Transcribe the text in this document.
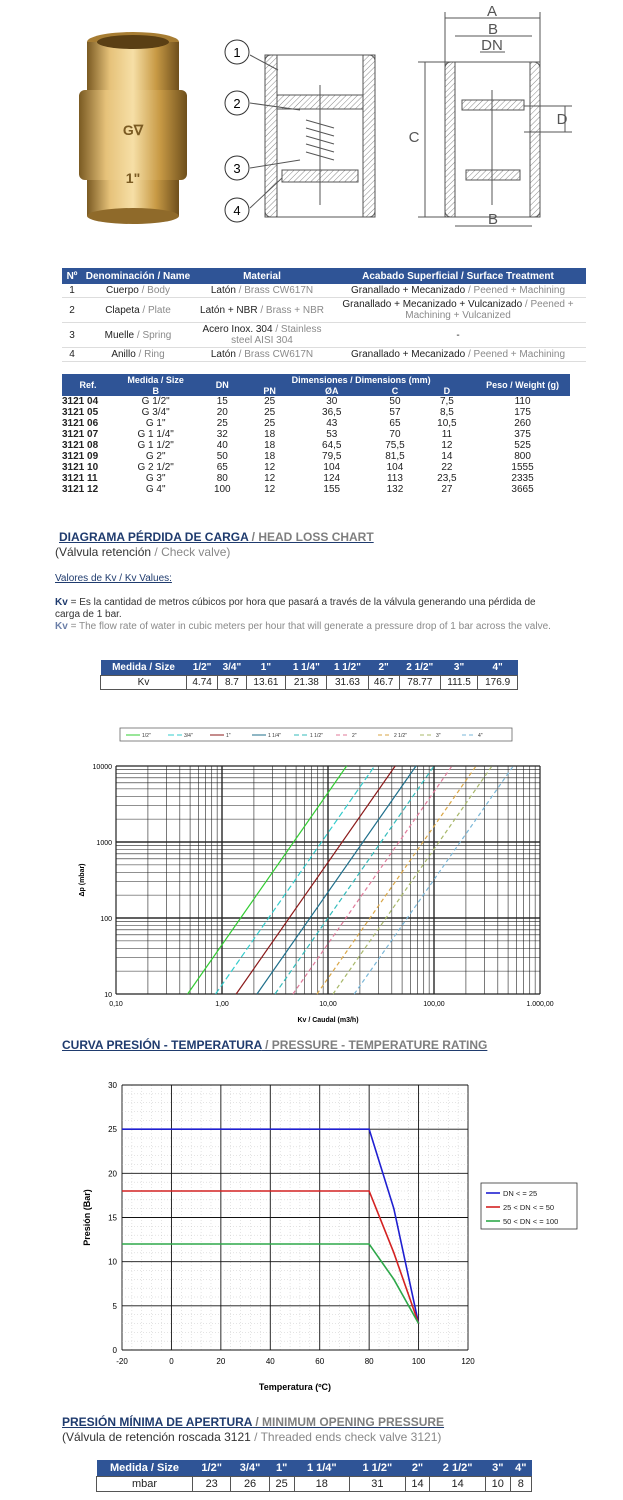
G∇
1"
1
2
3
4
A
B
DN
C
D
B
Nº	Denominación / Name	Material	Acabado Superficial / Surface Treatment
1	Cuerpo / Body	Latón / Brass CW617N	Granallado + Mecanizado / Peened + Machining
2	Clapeta / Plate	Latón + NBR / Brass + NBR	Granallado + Mecanizado + Vulcanizado / Peened + Machining + Vulcanized
3	Muelle / Spring	Acero Inox. 304 / Stainless steel AISI 304	-
4	Anillo / Ring	Latón / Brass CW617N	Granallado + Mecanizado / Peened + Machining
Ref.	Medida / Size	DN	Dimensiones / Dimensions (mm)				Peso / Weight (g)
	B		PN	ØA	C	D	
3121 04	G 1/2"	15	25	30	50	7,5	110
3121 05	G 3/4"	20	25	36,5	57	8,5	175
3121 06	G 1"	25	25	43	65	10,5	260
3121 07	G 1 1/4"	32	18	53	70	11	375
3121 08	G 1 1/2"	40	18	64,5	75,5	12	525
3121 09	G 2"	50	18	79,5	81,5	14	800
3121 10	G 2 1/2"	65	12	104	104	22	1555
3121 11	G 3"	80	12	124	113	23,5	2335
3121 12	G 4"	100	12	155	132	27	3665
DIAGRAMA PÉRDIDA DE CARGA / HEAD LOSS CHART
(Válvula retención / Check valve)
Valores de Kv / Kv Values:
Kv = Es la cantidad de metros cúbicos por hora que pasará a través de la válvula generando una pérdida de carga de 1 bar.
Kv = The flow rate of water in cubic meters per hour that will generate a pressure drop of 1 bar across the valve.
Medida / Size	1/2"	3/4"	1"	1 1/4"	1 1/2"	2"	2 1/2"	3"	4"
Kv	4.74	8.7	13.61	21.38	31.63	46.7	78.77	111.5	176.9
1/2"	3/4"	1"	1 1/4"	1 1/2"	2"	2 1/2"	3"	4"
0,10	1,00	10,00	100,00	1.000,00
10
100
1000
10000
Kv / Caudal (m3/h)
Δp (mbar)
CURVA PRESIÓN - TEMPERATURA / PRESSURE - TEMPERATURE RATING
-20	0	20	40	60	80	100	120
0
5
10
15
20
25
30
Temperatura (ºC)
Presión (Bar)	DN < = 25
25 < DN < = 50
50 < DN < = 100
PRESIÓN MÍNIMA DE APERTURA / MINIMUM OPENING PRESSURE
(Válvula de retención roscada 3121 / Threaded ends check valve 3121)
Medida / Size	1/2"	3/4"	1"	1 1/4"	1 1/2"	2"	2 1/2"	3"	4"
mbar	23	26	25	18	31	14	14	10	8
